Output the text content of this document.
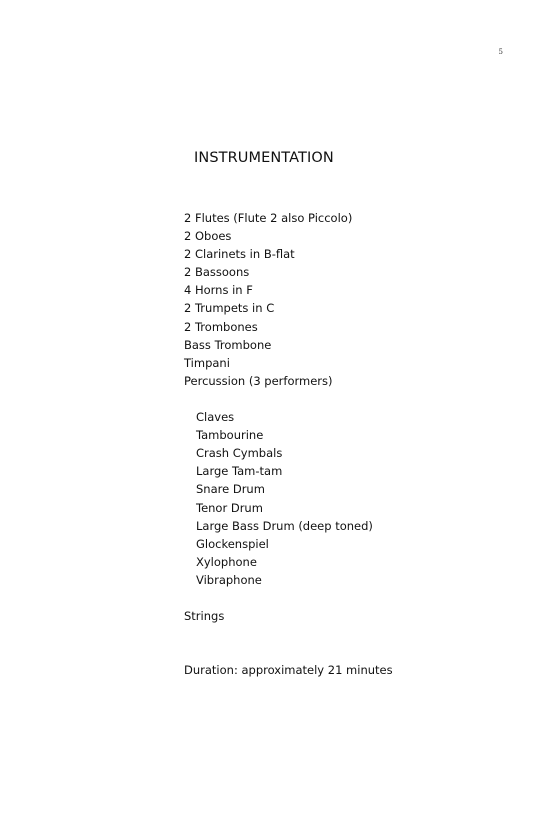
5
INSTRUMENTATION
2 Flutes (Flute 2 also Piccolo)
2 Oboes
2 Clarinets in B-flat
2 Bassoons
4 Horns in F
2 Trumpets in C
2 Trombones
Bass Trombone
Timpani
Percussion (3 performers)
Claves
Tambourine
Crash Cymbals
Large Tam-tam
Snare Drum
Tenor Drum
Large Bass Drum (deep toned)
Glockenspiel
Xylophone
Vibraphone
Strings
Duration: approximately 21 minutes
